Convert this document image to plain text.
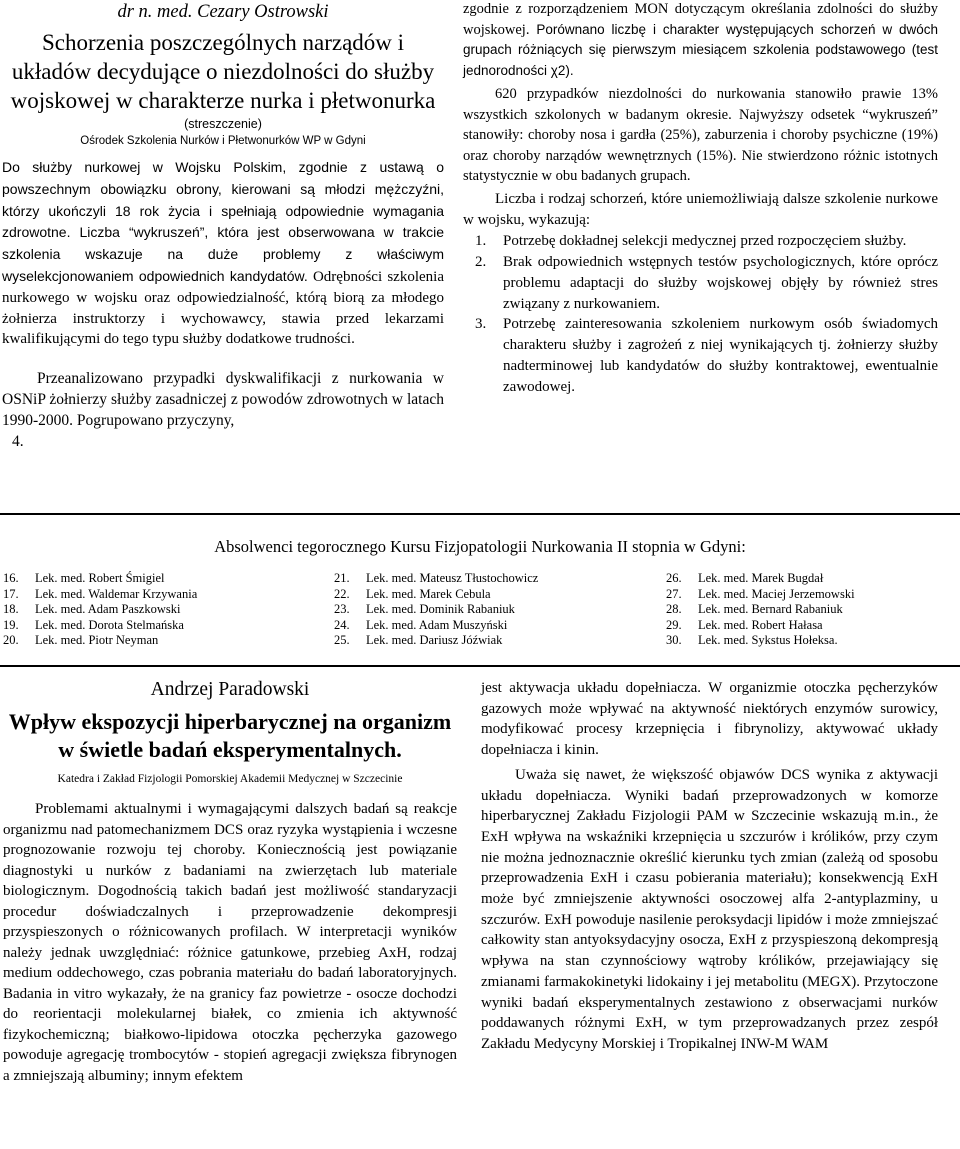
dr n. med. Cezary Ostrowski
Schorzenia poszczególnych narządów i układów decydujące o niezdolności do służby wojskowej w charakterze nurka i płetwonurka
(streszczenie)
Ośrodek Szkolenia Nurków i Płetwonurków WP w Gdyni

Do służby nurkowej w Wojsku Polskim, zgodnie z ustawą o powszechnym obowiązku obrony, kierowani są młodzi mężczyźni, którzy ukończyli 18 rok życia i spełniają odpowiednie wymagania zdrowotne. Liczba “wykruszeń”, która jest obserwowana w trakcie szkolenia wskazuje na duże problemy z właściwym wyselekcjonowaniem odpowiednich kandydatów. Odrębności szkolenia nurkowego w wojsku oraz odpowiedzialność, którą biorą za młodego żołnierza instruktorzy i wychowawcy, stawia przed lekarzami kwalifikującymi do tego typu służby dodatkowe trudności.

Przeanalizowano przypadki dyskwalifikacji z nurkowania w OSNiP żołnierzy służby zasadniczej z powodów zdrowotnych w latach 1990-2000. Pogrupowano przyczyny,

4.

zgodnie z rozporządzeniem MON dotyczącym określania zdolności do służby wojskowej. Porównano liczbę i charakter występujących schorzeń w dwóch grupach różniących się pierwszym miesiącem szkolenia podstawowego (test jednorodności χ2).

620 przypadków niezdolności do nurkowania stanowiło prawie 13% wszystkich szkolonych w badanym okresie. Najwyższy odsetek “wykruszeń” stanowiły: choroby nosa i gardła (25%), zaburzenia i choroby psychiczne (19%) oraz choroby narządów wewnętrznych (15%). Nie stwierdzono różnic istotnych statystycznie w obu badanych grupach.

Liczba i rodzaj schorzeń, które uniemożliwiają dalsze szkolenie nurkowe w wojsku, wykazują:

1.	Potrzebę dokładnej selekcji medycznej przed rozpoczęciem służby.
2.	Brak odpowiednich wstępnych testów psychologicznych, które oprócz problemu adaptacji do służby wojskowej objęły by również stres związany z nurkowaniem.
3.	Potrzebę zainteresowania szkoleniem nurkowym osób świadomych charakteru służby i zagrożeń z niej wynikających tj. żołnierzy służby nadterminowej lub kandydatów do służby kontraktowej, ewentualnie zawodowej.
Absolwenci tegorocznego Kursu Fizjopatologii Nurkowania II stopnia w Gdyni:
16.	Lek. med. Robert Śmigiel
17.	Lek. med. Waldemar Krzywania
18.	Lek. med. Adam Paszkowski
19.	Lek. med. Dorota Stelmańska
20.	Lek. med. Piotr Neyman
21.	Lek. med. Mateusz Tłustochowicz
22.	Lek. med. Marek Cebula
23.	Lek. med. Dominik Rabaniuk
24.	Lek. med. Adam Muszyński
25.	Lek. med. Dariusz Jóźwiak
26.	Lek. med. Marek Bugdał
27.	Lek. med. Maciej Jerzemowski
28.	Lek. med. Bernard Rabaniuk
29.	Lek. med. Robert Hałasa
30.	Lek. med. Sykstus Hołeksa.
Andrzej Paradowski
Wpływ ekspozycji hiperbarycznej na organizm w świetle badań eksperymentalnych.
Katedra i Zakład Fizjologii Pomorskiej Akademii Medycznej w Szczecinie

Problemami aktualnymi i wymagającymi dalszych badań są reakcje organizmu nad patomechanizmem DCS oraz ryzyka wystąpienia i wczesne prognozowanie rozwoju tej choroby. Koniecznością jest powiązanie diagnostyki u nurków z badaniami na zwierzętach lub materiale biologicznym. Dogodnością takich badań jest możliwość standaryzacji procedur doświadczalnych i przeprowadzenie dekompresji przyspieszonych o różnicowanych profilach. W interpretacji wyników należy jednak uwzględniać: różnice gatunkowe, przebieg AxH, rodzaj medium oddechowego, czas pobrania materiału do badań laboratoryjnych. Badania in vitro wykazały, że na granicy faz powietrze - osocze dochodzi do reorientacji molekularnej białek, co zmienia ich aktywność fizykochemiczną; białkowo-lipidowa otoczka pęcherzyka gazowego powoduje agregację trombocytów - stopień agregacji zwiększa fibrynogen a zmniejszają albuminy; innym efektem

jest aktywacja układu dopełniacza. W organizmie otoczka pęcherzyków gazowych może wpływać na aktywność niektórych enzymów surowicy, modyfikować procesy krzepnięcia i fibrynolizy, aktywować układy dopełniacza i kinin.

Uważa się nawet, że większość objawów DCS wynika z aktywacji układu dopełniacza. Wyniki badań przeprowadzonych w komorze hiperbarycznej Zakładu Fizjologii PAM w Szczecinie wskazują m.in., że ExH wpływa na wskaźniki krzepnięcia u szczurów i królików, przy czym nie można jednoznacznie określić kierunku tych zmian (zależą od sposobu przeprowadzenia ExH i czasu pobierania materiału); konsekwencją ExH może być zmniejszenie aktywności osoczowej alfa 2-antyplazminy, u szczurów. ExH powoduje nasilenie peroksydacji lipidów i może zmniejszać całkowity stan antyoksydacyjny osocza, ExH z przyspieszoną dekompresją wpływa na stan czynnościowy wątroby królików, przejawiający się zmianami farmakokinetyki lidokainy i jej metabolitu (MEGX). Przytoczone wyniki badań eksperymentalnych zestawiono z obserwacjami nurków poddawanych różnymi ExH, w tym przeprowadzanych przez zespół Zakładu Medycyny Morskiej i Tropikalnej INW-M WAM
